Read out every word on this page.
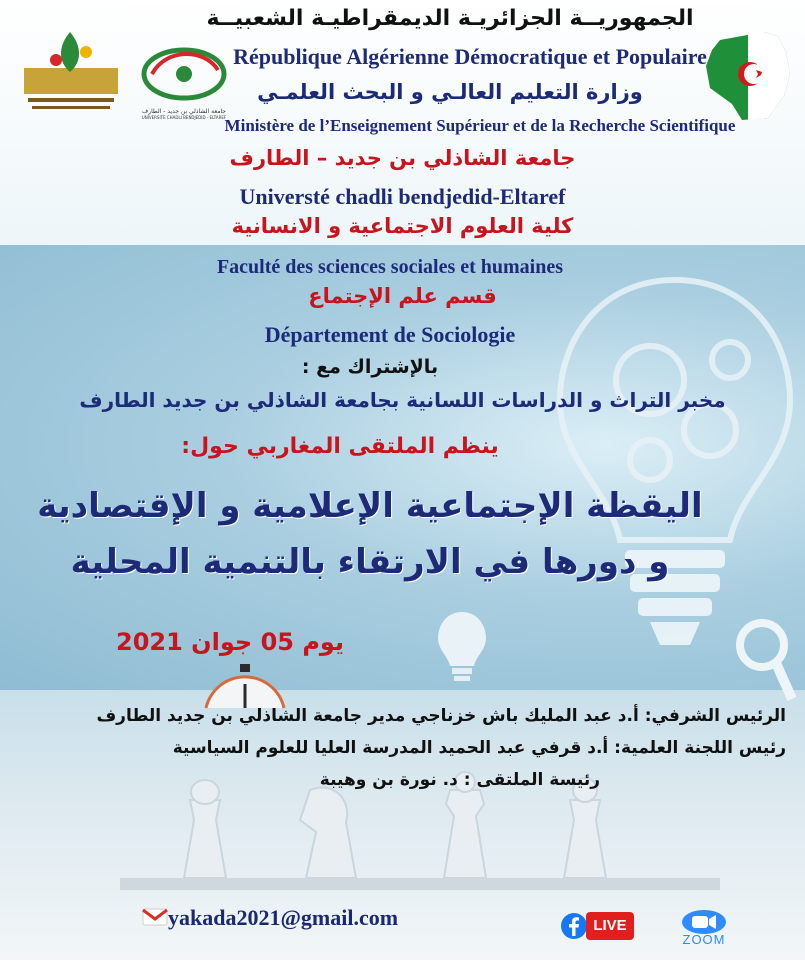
جامعة الشاذلي بن جديد - الطارف
UNIVERSITE CHADLI BENDJEDID - ELTAREF

الجمهوريــة الجزائريـة الديمقراطيـة الشعبيــة

République Algérienne Démocratique et Populaire

وزارة التعليم العالـي و البحث العلمـي

Ministère de l’Enseignement Supérieur et de la Recherche Scientifique

جامعة الشاذلي بن جديد – الطارف

Universté chadli bendjedid-Eltaref

كلية العلوم الاجتماعية و الانسانية

Faculté des sciences sociales et humaines

قسم علم الإجتماع

Département de Sociologie

بالإشتراك مع :

مخبر التراث و الدراسات اللسانية بجامعة الشاذلي بن جديد الطارف

ينظم الملتقى المغاربي حول:

اليقظة الإجتماعية الإعلامية و الإقتصادية

و دورها في الارتقاء بالتنمية المحلية

يوم 05 جوان 2021

الرئيس الشرفي: أ.د عبد المليك باش خزناجي مدير جامعة الشاذلي بن جديد الطارف

رئيس اللجنة العلمية: أ.د قرفي عبد الحميد المدرسة العليا للعلوم السياسية

رئيسة الملتقى : د. نورة بن وهيبة

yakada2021@gmail.com	LIVE
ZOOM
